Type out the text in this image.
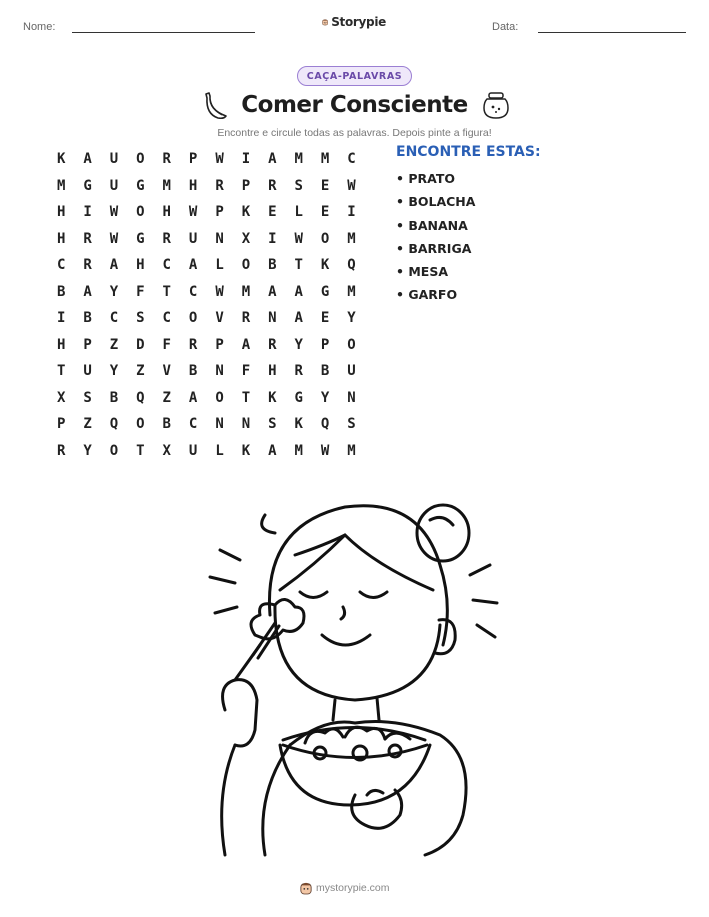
Nome:	Data:
Storypie
CAÇA-PALAVRAS
Comer Consciente
Encontre e circule todas as palavras. Depois pinte a figura!
K	A	U	O	R	P	W	I	A	M	M	C
M	G	U	G	M	H	R	P	R	S	E	W
H	I	W	O	H	W	P	K	E	L	E	I
H	R	W	G	R	U	N	X	I	W	O	M
C	R	A	H	C	A	L	O	B	T	K	Q
B	A	Y	F	T	C	W	M	A	A	G	M
I	B	C	S	C	O	V	R	N	A	E	Y
H	P	Z	D	F	R	P	A	R	Y	P	O
T	U	Y	Z	V	B	N	F	H	R	B	U
X	S	B	Q	Z	A	O	T	K	G	Y	N
P	Z	Q	O	B	C	N	N	S	K	Q	S
R	Y	O	T	X	U	L	K	A	M	W	M
ENCONTRE ESTAS:
• PRATO
• BOLACHA
• BANANA
• BARRIGA
• MESA
• GARFO
mystorypie.com
